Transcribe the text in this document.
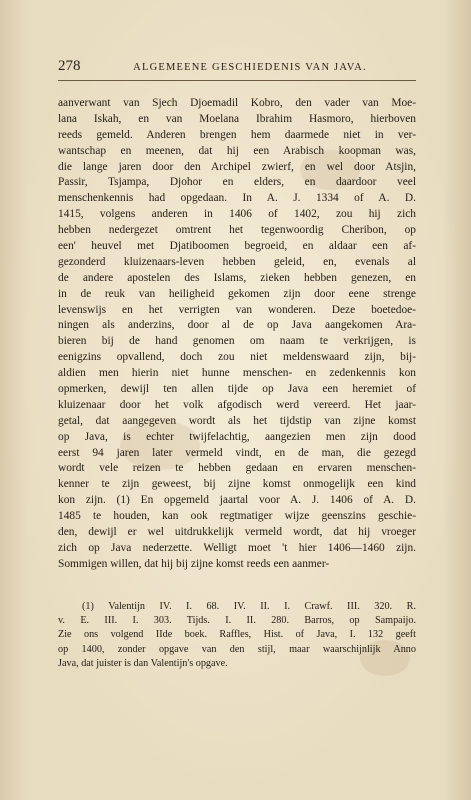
278	ALGEMEENE GESCHIEDENIS VAN JAVA.
aanverwant van Sjech Djoemadil Kobro, den vader van Moe-
lana Iskah, en van Moelana Ibrahim Hasmoro, hierboven
reeds gemeld. Anderen brengen hem daarmede niet in ver-
wantschap en meenen, dat hij een Arabisch koopman was,
die lange jaren door den Archipel zwierf, en wel door Atsjin,
Passir, Tsjampa, Djohor en elders, en daardoor veel
menschenkennis had opgedaan. In A. J. 1334 of A. D.
1415, volgens anderen in 1406 of 1402, zou hij zich
hebben nedergezet omtrent het tegenwoordig Cheribon, op
een' heuvel met Djatiboomen begroeid, en aldaar een af-
gezonderd kluizenaars-leven hebben geleid, en, evenals al
de andere apostelen des Islams, zieken hebben genezen, en
in de reuk van heiligheid gekomen zijn door eene strenge
levenswijs en het verrigten van wonderen. Deze boetedoe-
ningen als anderzins, door al de op Java aangekomen Ara-
bieren bij de hand genomen om naam te verkrijgen, is
eenigzins opvallend, doch zou niet meldenswaard zijn, bij-
aldien men hierin niet hunne menschen- en zedenkennis kon
opmerken, dewijl ten allen tijde op Java een heremiet of
kluizenaar door het volk afgodisch werd vereerd. Het jaar-
getal, dat aangegeven wordt als het tijdstip van zijne komst
op Java, is echter twijfelachtig, aangezien men zijn dood
eerst 94 jaren later vermeld vindt, en de man, die gezegd
wordt vele reizen te hebben gedaan en ervaren menschen-
kenner te zijn geweest, bij zijne komst onmogelijk een kind
kon zijn. (1) En opgemeld jaartal voor A. J. 1406 of A. D.
1485 te houden, kan ook regtmatiger wijze geenszins geschie-
den, dewijl er wel uitdrukkelijk vermeld wordt, dat hij vroeger
zich op Java nederzette. Welligt moet 't hier 1406—1460 zijn.
Sommigen willen, dat hij bij zijne komst reeds een aanmer-
(1) Valentijn IV. I. 68. IV. II. I. Crawf. III. 320. R.
v. E. III. I. 303. Tijds. I. II. 280. Barros, op Sampaijo.
Zie ons volgend IIde boek. Raffles, Hist. of Java, I. 132 geeft
op 1400, zonder opgave van den stijl, maar waarschijnlijk Anno
Java, dat juister is dan Valentijn's opgave.
